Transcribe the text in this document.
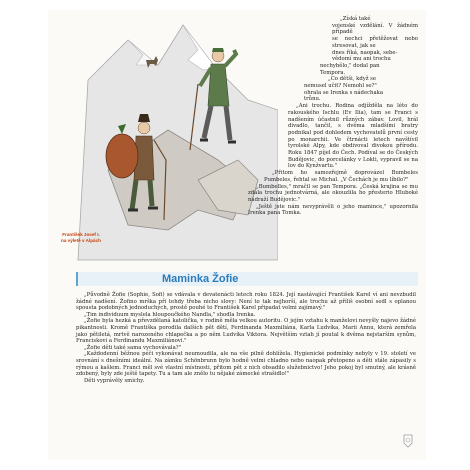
František Josef I.
na výletě v Alpách

„Získá také

vojenské vzdělání. V žádném případě

se nechci přetěžovat nebo stresovat, jak se

dnes říká, naopak, sebe-

vědomí mu ani trochu

nechybělo," dodal pan

Tempora.

„Co dětši, když se

nemusel učit? Nemohl se?"

ohrala se Irenka s nádechaka

trůnu.

„Ani trochu. Rodina odjížděla na léto do rakouského Ischlu (Ev Ilia), tam se Franci s nadšením účastnil různých zábav. Lovil, hrál divadlo, tančil, s dvěma mladšími bratry podnikal pod dohledem vychovatelů první cesty po monarchii. Ve čtrnácti letech navštívil tyrolské Alpy, kde obdivoval divokou přírodu. Roku 1847 píjel do Čech. Podíval se do Českých Budějovic, do porcelánky v Lokti, vypravil se na lov do Kynžvartu."

„Přitom ho samozřejmě doprovázel Bumbeles Pumbeles, řehtal se Michal. „V Čechách je mu líbilo?"

„Bumbelles," mračil se pan Tempora. „Česká krajina se mu zdála trochu jednotvárná, ale okouzlila ho přesterio Hluboké nádraží Budějovic."

„Ještě jste nám nevyprávěli o jeho mamince," upozornila Irenka pana Tomka.

Maminka Žofie

„Původně Žofie (Sophie, Sofi) se vdávala v devatenácti letech roku 1824. Její nastávající František Karel ví ani nevzbudil žádné nadšení. Žofino mrška při tehdy třeba nicho slovy: Není to tak nejhorší, ale trochu až příliš osobní sedl s oplanou spousta podobných jednoduchých, prostě pouhé to František Karel připadat velmi zajímavý."

„Tim individuum myslela hloupoučkého Nandla," shodla Irenka.

„Žofie byla hezká a převzdělaná katolička, v rodině měla velkou autoritu. O jejím vztahu k manželovi nevyšly najevo žádné pikantnosti. Kromě Františka porodila dalších pět dětí, Ferdinanda Maxmiliána, Karla Ludvíka, Marii Annu, která zemřela jako pětiletá, mrtvě narozeného chlapečka a po něm Ludvíka Viktora. Největším vztah jí poutal k dvěma nejstarším synům, Franciskovi a Ferdinandu Maxmiliánovi."

„Žofie děti také sama vychovávala?"

„Každodenní běžnou péči vykonávat neumoudila, ale na vše pilně dohlížela. Hygienické podmínky nebyly v 19. století ve srovnání s dnešními ideální. Na zámku Schönbrunn bylo hodně velmi chladno nebo naopak přetopeno a děti stále zápasily s rýmou a kašlem. Franci měl své vlastní místnosti, přitom pět z nich obsadilo služebnictvo! Jeho pokoj byl smutný, ale krásně zdobený, byly zde ještě tapety. Tu a tam ale znělo tu nějaké zámecké strašidlo!"

Děti vyprávěly smichy.
